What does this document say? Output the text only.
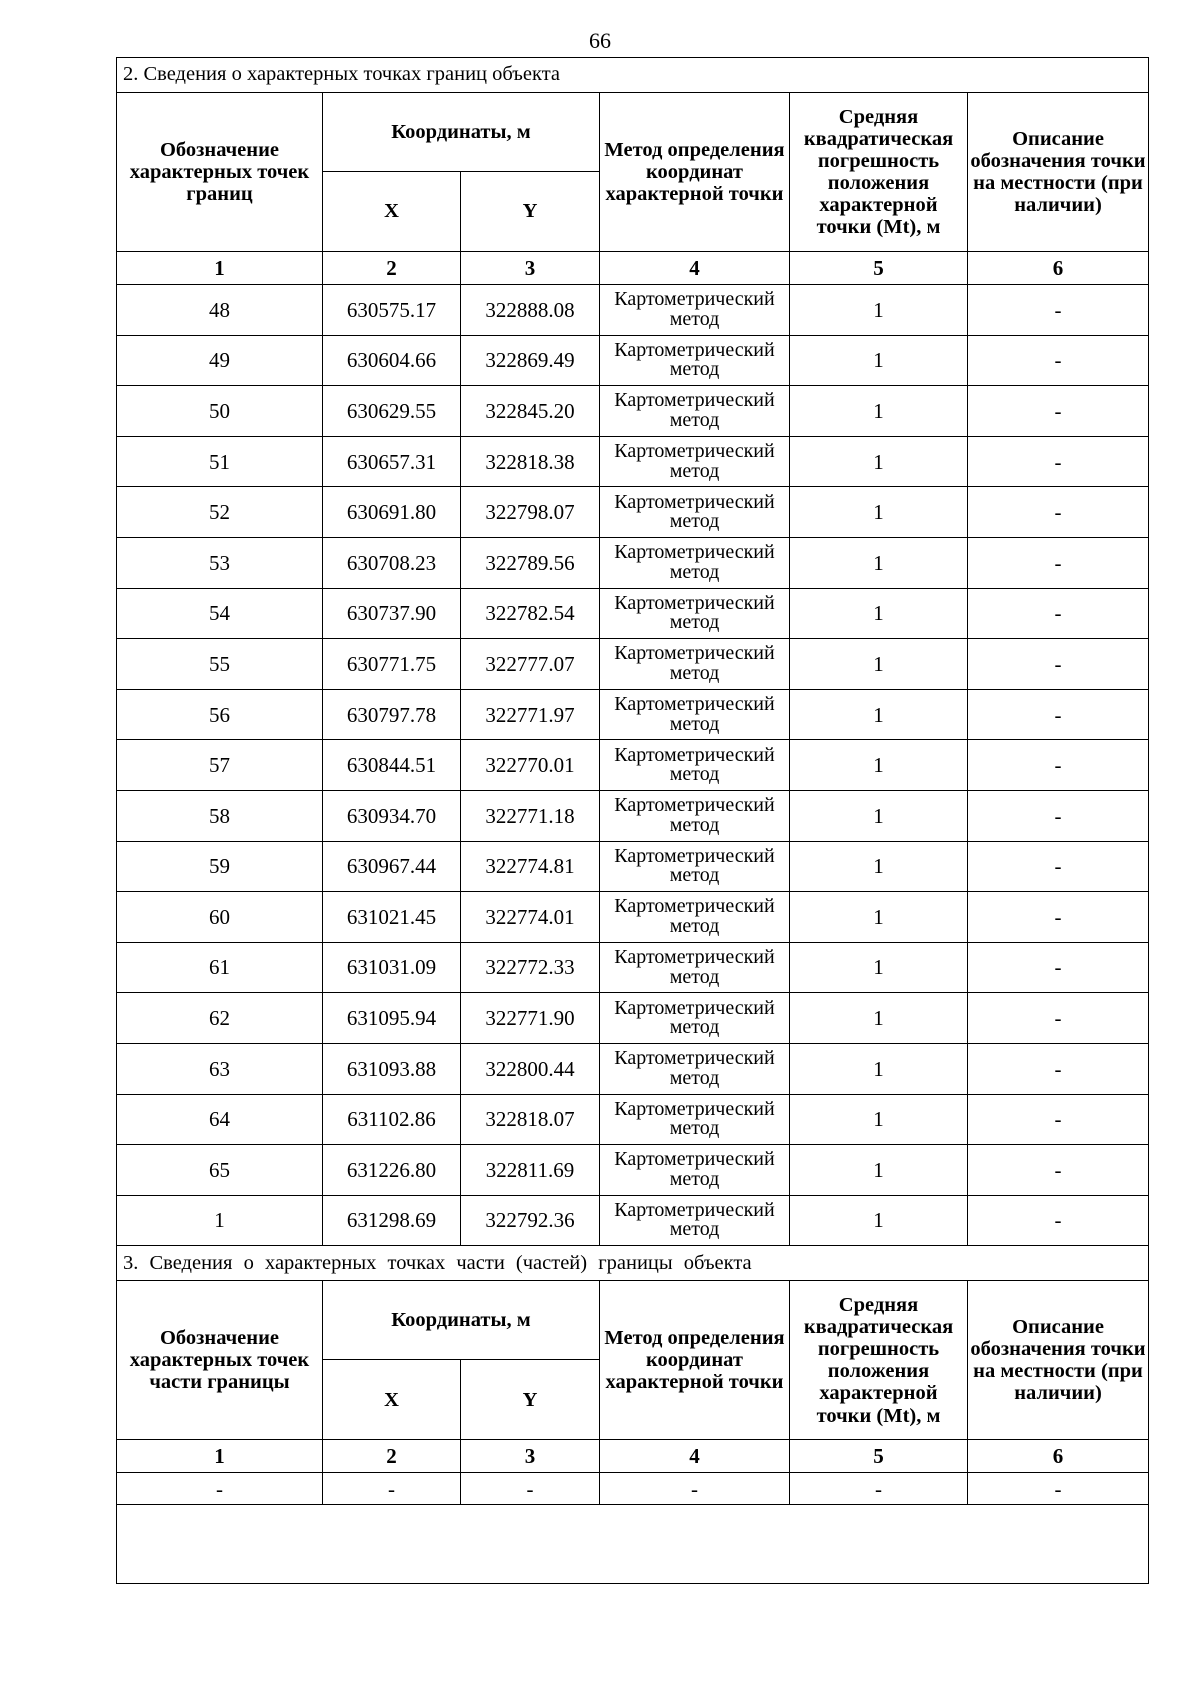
66
2. Сведения о характерных точках границ объекта					
Обозначение характерных точек границ	Координаты, м		Метод определения координат характерной точки	Средняя квадратическая погрешность положения характерной точки (Mt), м	Описание обозначения точки на местности (при наличии)
	X	Y			
1	2	3	4	5	6
48	630575.17	322888.08	Картометрический метод	1	-
49	630604.66	322869.49	Картометрический метод	1	-
50	630629.55	322845.20	Картометрический метод	1	-
51	630657.31	322818.38	Картометрический метод	1	-
52	630691.80	322798.07	Картометрический метод	1	-
53	630708.23	322789.56	Картометрический метод	1	-
54	630737.90	322782.54	Картометрический метод	1	-
55	630771.75	322777.07	Картометрический метод	1	-
56	630797.78	322771.97	Картометрический метод	1	-
57	630844.51	322770.01	Картометрический метод	1	-
58	630934.70	322771.18	Картометрический метод	1	-
59	630967.44	322774.81	Картометрический метод	1	-
60	631021.45	322774.01	Картометрический метод	1	-
61	631031.09	322772.33	Картометрический метод	1	-
62	631095.94	322771.90	Картометрический метод	1	-
63	631093.88	322800.44	Картометрический метод	1	-
64	631102.86	322818.07	Картометрический метод	1	-
65	631226.80	322811.69	Картометрический метод	1	-
1	631298.69	322792.36	Картометрический метод	1	-
3. Сведения о характерных точках части (частей) границы объекта					
Обозначение характерных точек части границы	Координаты, м		Метод определения координат характерной точки	Средняя квадратическая погрешность положения характерной точки (Mt), м	Описание обозначения точки на местности (при наличии)
	X	Y			
1	2	3	4	5	6
-	-	-	-	-	-
